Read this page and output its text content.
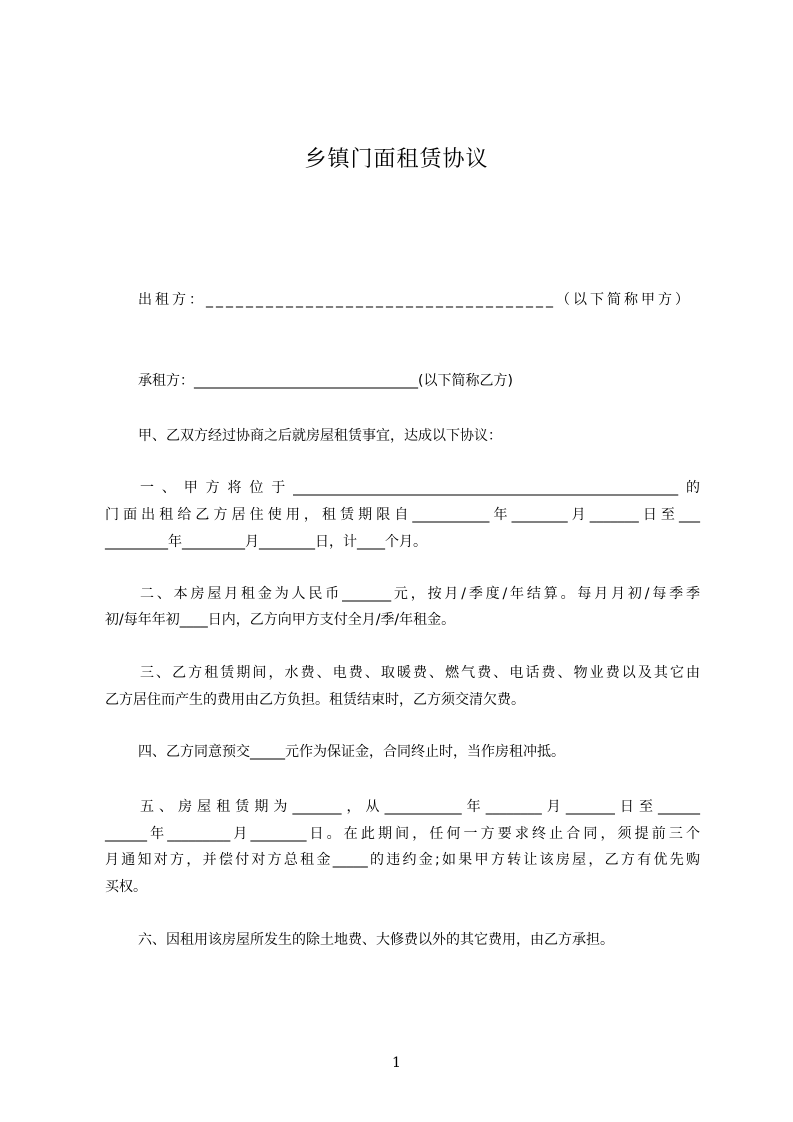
乡镇门面租赁协议
出租方：___________________________________（以下简称甲方）
承租方：________________________________(以下简称乙方)
甲、乙双方经过协商之后就房屋租赁事宜，达成以下协议：
一、甲方将位于_______________________________________________________的
门面出租给乙方居住使用，租赁期限自___________年________月_______日至___
_________年_________月________日，计____个月。
二、本房屋月租金为人民币_______元，按月/季度/年结算。每月月初/每季季
初/每年年初____日内，乙方向甲方支付全月/季/年租金。
三、乙方租赁期间，水费、电费、取暖费、燃气费、电话费、物业费以及其它由
乙方居住而产生的费用由乙方负担。租赁结束时，乙方须交清欠费。
四、乙方同意预交_____元作为保证金，合同终止时，当作房租冲抵。
五、房屋租赁期为_______，从___________年________月_______日至______
______年_________月________日。在此期间，任何一方要求终止合同，须提前三个
月通知对方，并偿付对方总租金_____的违约金;如果甲方转让该房屋，乙方有优先购
买权。
六、因租用该房屋所发生的除土地费、大修费以外的其它费用，由乙方承担。
1
